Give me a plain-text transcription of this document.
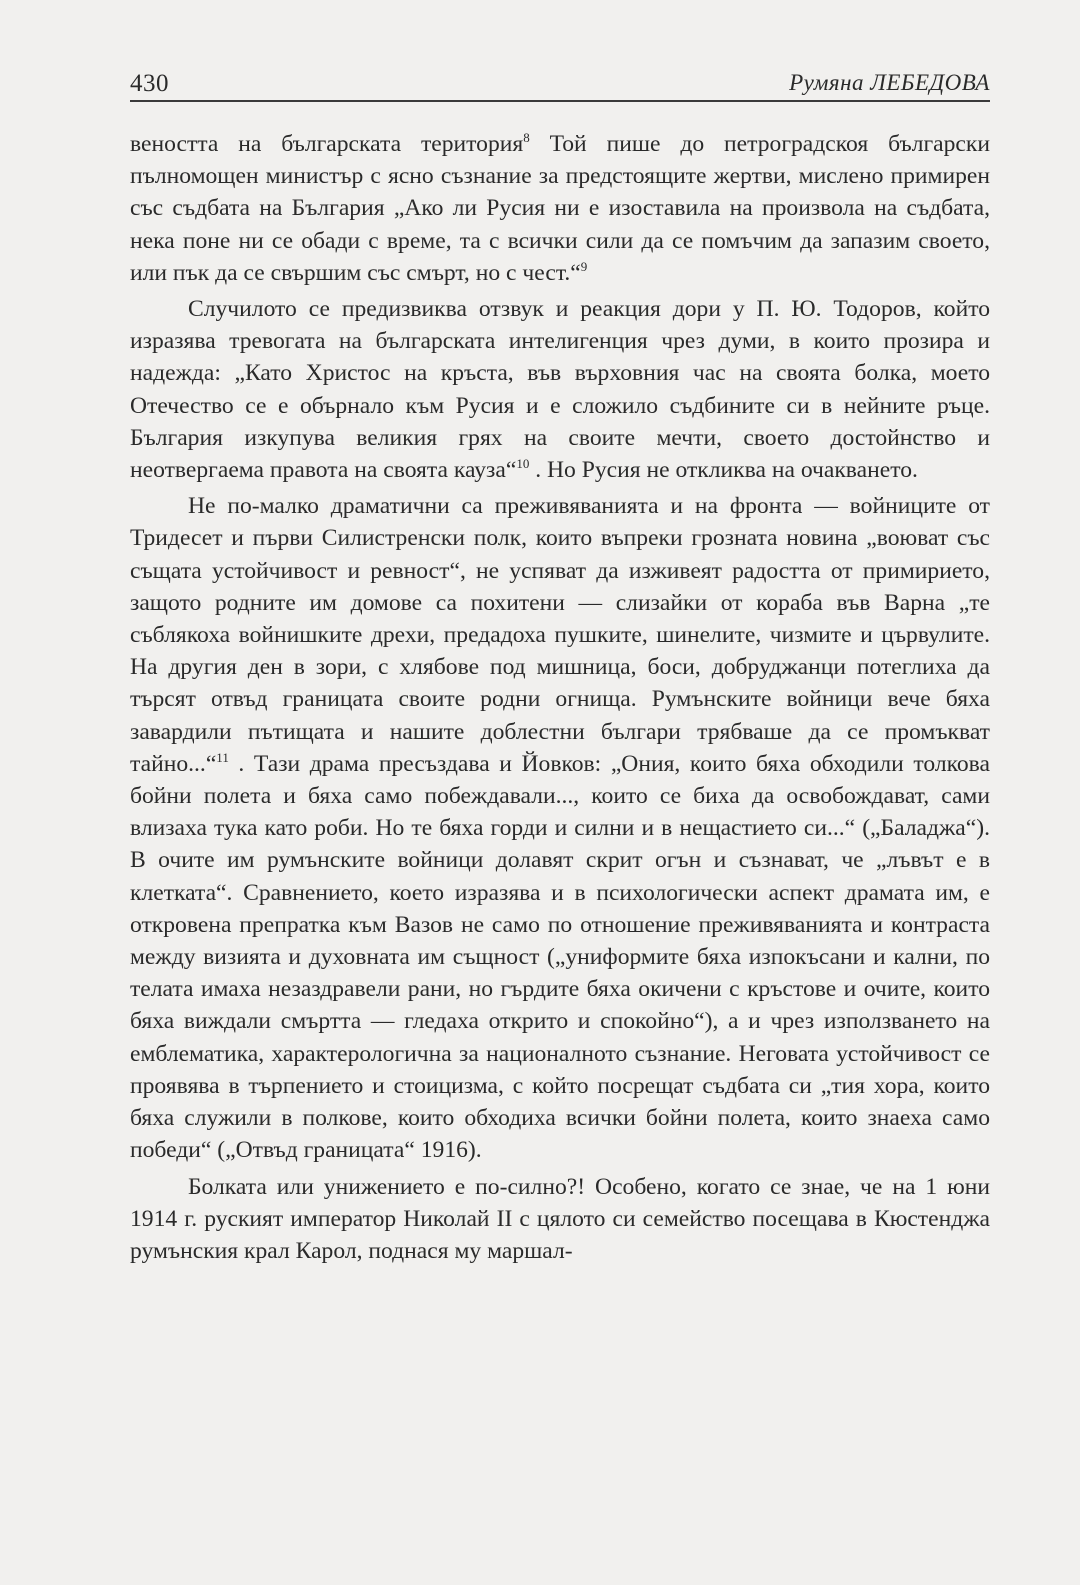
430	Румяна ЛЕБЕДОВА

веността на българската територия$^8$ Той пише до петроградскоя български пълномощен министър с ясно съзнание за предстоящите жертви, мислено примирен със съдбата на България „Ако ли Русия ни е изоставила на произвола на съдбата, нека поне ни се обади с време, та с всички сили да се помъчим да запазим своето, или пък да се свършим със смърт, но с чест.“$^9$

Случилото се предизвиква отзвук и реакция дори у П. Ю. Тодоров, който изразява тревогата на българската интелигенция чрез думи, в които прозира и надежда: „Като Христос на кръста, във върховния час на своята болка, моето Отечество се е обърнало към Русия и е сложило съдбините си в нейните ръце. България изкупува великия грях на своите мечти, своето достойнство и неотвергаема правота на своята кауза“$^{10}$ . Но Русия не откликва на очакването.

Не по-малко драматични са преживяванията и на фронта — войниците от Тридесет и първи Силистренски полк, които въпреки грозната новина „воюват със същата устойчивост и ревност“, не успяват да изживеят радостта от примирието, защото родните им домове са похитени — слизайки от кораба във Варна „те съблякоха войнишките дрехи, предадоха пушките, шинелите, чизмите и цървулите. На другия ден в зори, с хлябове под мишница, боси, добруджанци потеглиха да търсят отвъд границата своите родни огнища. Румънските войници вече бяха завардили пътищата и нашите доблестни българи трябваше да се промъкват тайно...“$^{11}$ . Тази драма пресъздава и Йовков: „Ония, които бяха обходили толкова бойни полета и бяха само побеждавали..., които се биха да освобождават, сами влизаха тука като роби. Но те бяха горди и силни и в нещастието си...“ („Баладжа“). В очите им румънските войници долавят скрит огън и съзнават, че „лъвът е в клетката“. Сравнението, което изразява и в психологически аспект драмата им, е откровена препратка към Вазов не само по отношение преживяванията и контраста между визията и духовната им същност („униформите бяха изпокъсани и кални, по телата имаха незаздравели рани, но гърдите бяха окичени с кръстове и очите, които бяха виждали смъртта — гледаха открито и спокойно“), а и чрез използването на емблематика, характерологична за националното съзнание. Неговата устойчивост се проявява в търпението и стоицизма, с който посрещат съдбата си „тия хора, които бяха служили в полкове, които обходиха всички бойни полета, които знаеха само победи“ („Отвъд границата“ 1916).

Болката или унижението е по-силно?! Особено, когато се знае, че на 1 юни 1914 г. руският император Николай II с цялото си семейство посещава в Кюстенджа румънския крал Карол, поднася му маршал-
